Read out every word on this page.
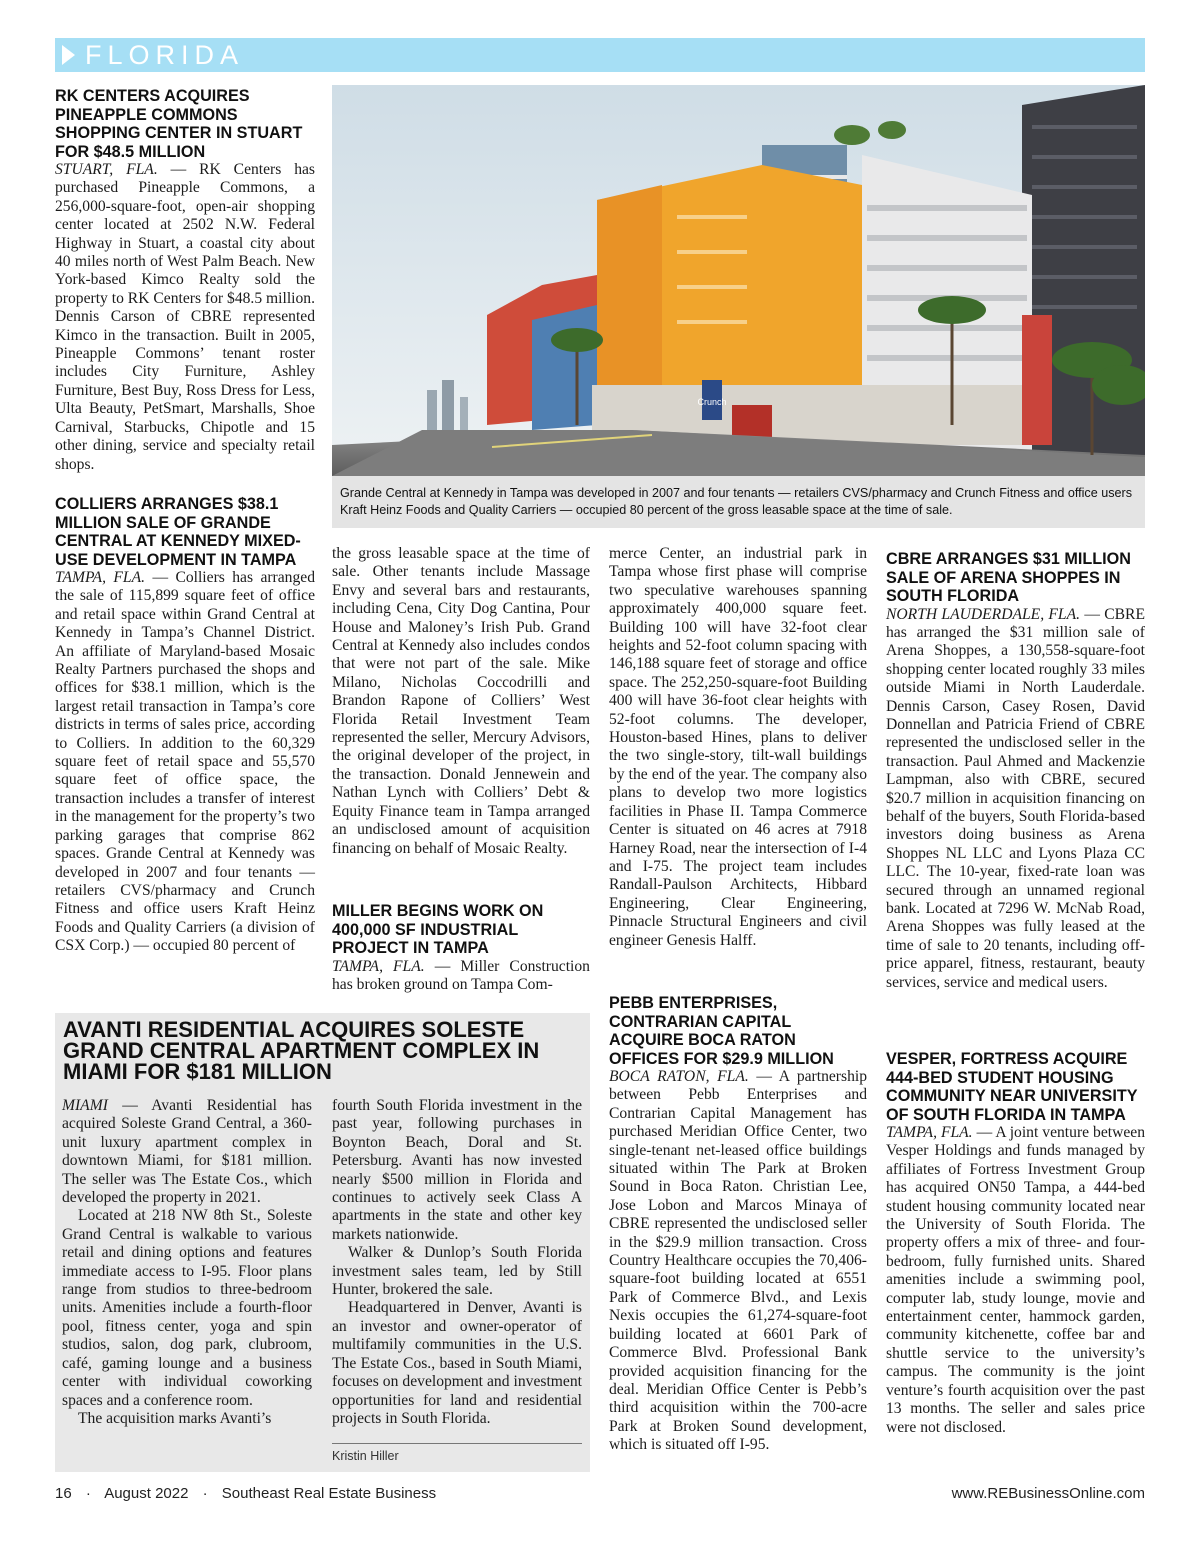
FLORIDA
RK CENTERS ACQUIRES PINEAPPLE COMMONS SHOPPING CENTER IN STUART FOR $48.5 MILLION

STUART, FLA. — RK Centers has purchased Pineapple Commons, a 256,000-square-foot, open-air shopping center located at 2502 N.W. Federal Highway in Stuart, a coastal city about 40 miles north of West Palm Beach. New York-based Kimco Realty sold the property to RK Centers for $48.5 million. Dennis Carson of CBRE represented Kimco in the transaction. Built in 2005, Pineapple Commons’ tenant roster includes City Furniture, Ashley Furniture, Best Buy, Ross Dress for Less, Ulta Beauty, PetSmart, Marshalls, Shoe Carnival, Starbucks, Chipotle and 15 other dining, service and specialty retail shops.

Crunch
Grande Central at Kennedy in Tampa was developed in 2007 and four tenants — retailers CVS/pharmacy and Crunch Fitness and office users Kraft Heinz Foods and Quality Carriers — occupied 80 percent of the gross leasable space at the time of sale.
COLLIERS ARRANGES $38.1 MILLION SALE OF GRANDE CENTRAL AT KENNEDY MIXED-USE DEVELOPMENT IN TAMPA

TAMPA, FLA. — Colliers has arranged the sale of 115,899 square feet of office and retail space within Grand Central at Kennedy in Tampa’s Channel District. An affiliate of Maryland-based Mosaic Realty Partners purchased the shops and offices for $38.1 million, which is the largest retail transaction in Tampa’s core districts in terms of sales price, according to Colliers. In addition to the 60,329 square feet of retail space and 55,570 square feet of office space, the transaction includes a transfer of interest in the management for the property’s two parking garages that comprise 862 spaces. Grande Central at Kennedy was developed in 2007 and four tenants — retailers CVS/pharmacy and Crunch Fitness and office users Kraft Heinz Foods and Quality Carriers (a division of CSX Corp.) — occupied 80 percent of

the gross leasable space at the time of sale. Other tenants include Massage Envy and several bars and restaurants, including Cena, City Dog Cantina, Pour House and Maloney’s Irish Pub. Grand Central at Kennedy also includes condos that were not part of the sale. Mike Milano, Nicholas Coccodrilli and Brandon Rapone of Colliers’ West Florida Retail Investment Team represented the seller, Mercury Advisors, the original developer of the project, in the transaction. Donald Jennewein and Nathan Lynch with Colliers’ Debt & Equity Finance team in Tampa arranged an undisclosed amount of acquisition financing on behalf of Mosaic Realty.

MILLER BEGINS WORK ON 400,000 SF INDUSTRIAL PROJECT IN TAMPA

TAMPA, FLA. — Miller Construction has broken ground on Tampa Com-

merce Center, an industrial park in Tampa whose first phase will comprise two speculative warehouses spanning approximately 400,000 square feet. Building 100 will have 32-foot clear heights and 52-foot column spacing with 146,188 square feet of storage and office space. The 252,250-square-foot Building 400 will have 36-foot clear heights with 52-foot columns. The developer, Houston-based Hines, plans to deliver the two single-story, tilt-wall buildings by the end of the year. The company also plans to develop two more logistics facilities in Phase II. Tampa Commerce Center is situated on 46 acres at 7918 Harney Road, near the intersection of I-4 and I-75. The project team includes Randall-Paulson Architects, Hibbard Engineering, Clear Engineering, Pinnacle Structural Engineers and civil engineer Genesis Halff.

PEBB ENTERPRISES, CONTRARIAN CAPITAL ACQUIRE BOCA RATON OFFICES FOR $29.9 MILLION

BOCA RATON, FLA. — A partnership between Pebb Enterprises and Contrarian Capital Management has purchased Meridian Office Center, two single-tenant net-leased office buildings situated within The Park at Broken Sound in Boca Raton. Christian Lee, Jose Lobon and Marcos Minaya of CBRE represented the undisclosed seller in the $29.9 million transaction. Cross Country Healthcare occupies the 70,406-square-foot building located at 6551 Park of Commerce Blvd., and Lexis Nexis occupies the 61,274-square-foot building located at 6601 Park of Commerce Blvd. Professional Bank provided acquisition financing for the deal. Meridian Office Center is Pebb’s third acquisition within the 700-acre Park at Broken Sound development, which is situated off I-95.

CBRE ARRANGES $31 MILLION SALE OF ARENA SHOPPES IN SOUTH FLORIDA

NORTH LAUDERDALE, FLA. — CBRE has arranged the $31 million sale of Arena Shoppes, a 130,558-square-foot shopping center located roughly 33 miles outside Miami in North Lauderdale. Dennis Carson, Casey Rosen, David Donnellan and Patricia Friend of CBRE represented the undisclosed seller in the transaction. Paul Ahmed and Mackenzie Lampman, also with CBRE, secured $20.7 million in acquisition financing on behalf of the buyers, South Florida-based investors doing business as Arena Shoppes NL LLC and Lyons Plaza CC LLC. The 10-year, fixed-rate loan was secured through an unnamed regional bank. Located at 7296 W. McNab Road, Arena Shoppes was fully leased at the time of sale to 20 tenants, including off-price apparel, fitness, restaurant, beauty services, service and medical users.

VESPER, FORTRESS ACQUIRE 444-BED STUDENT HOUSING COMMUNITY NEAR UNIVERSITY OF SOUTH FLORIDA IN TAMPA

TAMPA, FLA. — A joint venture between Vesper Holdings and funds managed by affiliates of Fortress Investment Group has acquired ON50 Tampa, a 444-bed student housing community located near the University of South Florida. The property offers a mix of three- and four-bedroom, fully furnished units. Shared amenities include a swimming pool, computer lab, study lounge, movie and entertainment center, hammock garden, community kitchenette, coffee bar and shuttle service to the university’s campus. The community is the joint venture’s fourth acquisition over the past 13 months. The seller and sales price were not disclosed.

AVANTI RESIDENTIAL ACQUIRES SOLESTE GRAND CENTRAL APARTMENT COMPLEX IN MIAMI FOR $181 MILLION

MIAMI — Avanti Residential has acquired Soleste Grand Central, a 360-unit luxury apartment complex in downtown Miami, for $181 million. The seller was The Estate Cos., which developed the property in 2021.

Located at 218 NW 8th St., Soleste Grand Central is walkable to various retail and dining options and features immediate access to I-95. Floor plans range from studios to three-bedroom units. Amenities include a fourth-floor pool, fitness center, yoga and spin studios, salon, dog park, clubroom, café, gaming lounge and a business center with individual coworking spaces and a conference room.

The acquisition marks Avanti’s

fourth South Florida investment in the past year, following purchases in Boynton Beach, Doral and St. Petersburg. Avanti has now invested nearly $500 million in Florida and continues to actively seek Class A apartments in the state and other key markets nationwide.

Walker & Dunlop’s South Florida investment sales team, led by Still Hunter, brokered the sale.

Headquartered in Denver, Avanti is an investor and owner-operator of multifamily communities in the U.S. The Estate Cos., based in South Miami, focuses on development and investment opportunities for land and residential projects in South Florida.

Kristin Hiller
16 · August 2022 · Southeast Real Estate Business	www.REBusinessOnline.com
